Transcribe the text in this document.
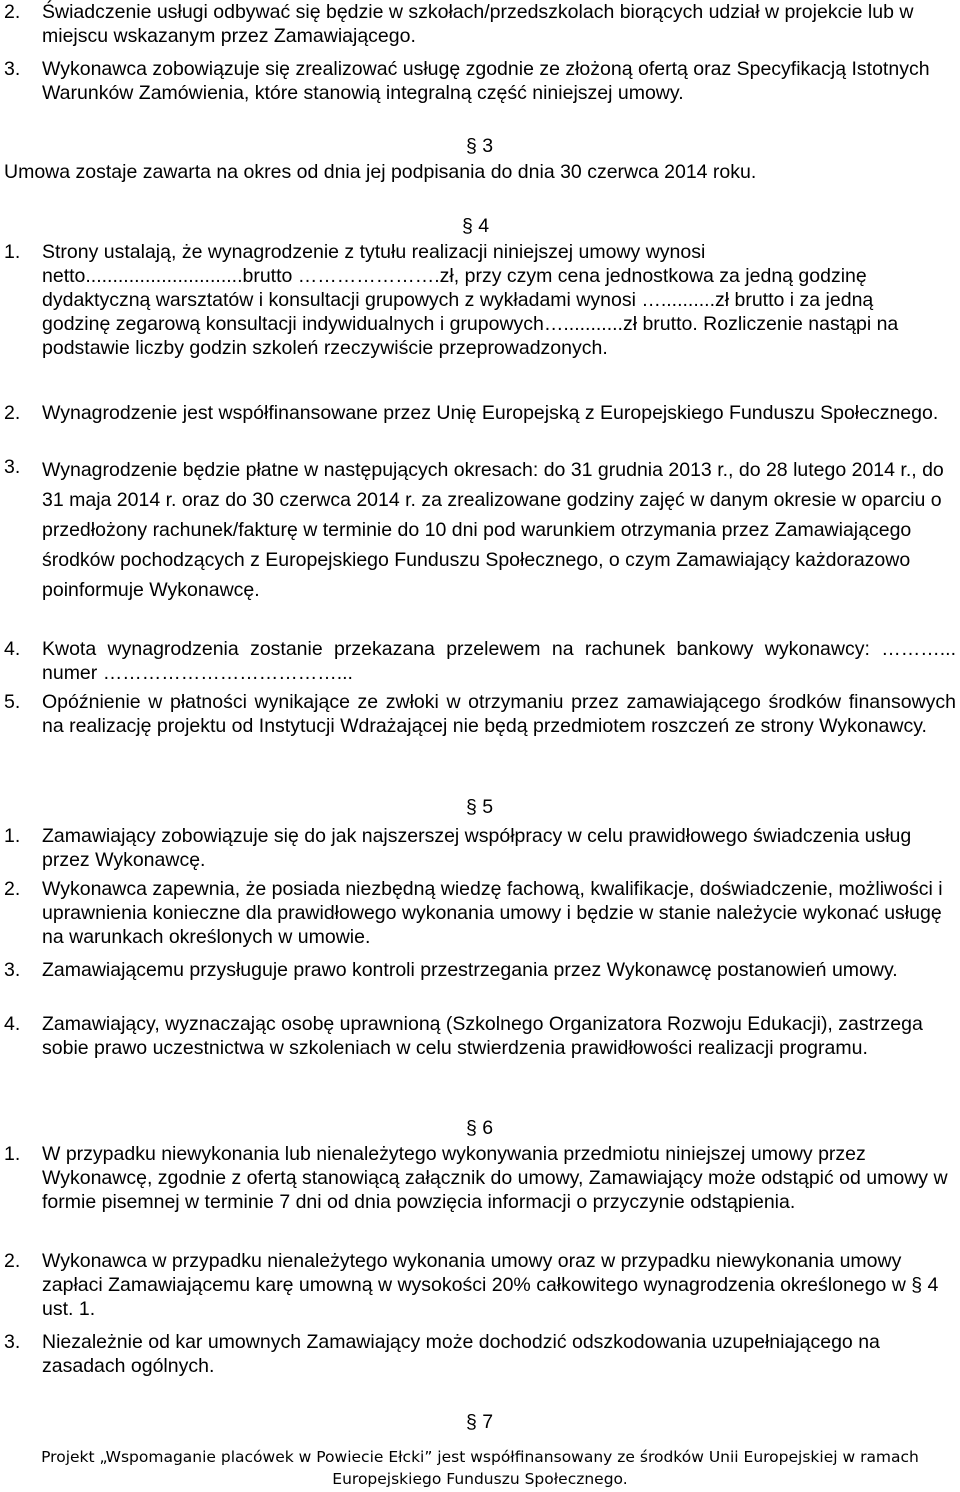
2. Świadczenie usługi odbywać się będzie w szkołach/przedszkolach biorących udział w projekcie lub w miejscu wskazanym przez Zamawiającego.
3. Wykonawca zobowiązuje się zrealizować usługę zgodnie ze złożoną ofertą oraz Specyfikacją Istotnych Warunków Zamówienia, które stanowią integralną część niniejszej umowy.
§ 3
Umowa zostaje zawarta na okres od dnia jej podpisania do dnia 30 czerwca 2014 roku.
§ 4
1. Strony ustalają, że wynagrodzenie z tytułu realizacji niniejszej umowy wynosi netto.............................brutto ………………….zł, przy czym cena jednostkowa za jedną godzinę dydaktyczną warsztatów i konsultacji grupowych z wykładami wynosi …..........zł brutto i za jedną godzinę zegarową konsultacji indywidualnych i grupowych…...........zł brutto. Rozliczenie nastąpi na podstawie liczby godzin szkoleń rzeczywiście przeprowadzonych.
2. Wynagrodzenie jest współfinansowane przez Unię Europejską z Europejskiego Funduszu Społecznego.
3. Wynagrodzenie będzie płatne w następujących okresach: do 31 grudnia 2013 r., do 28 lutego 2014 r., do 31 maja 2014 r. oraz do 30 czerwca 2014 r. za zrealizowane godziny zajęć w danym okresie w oparciu o przedłożony rachunek/fakturę w terminie do 10 dni pod warunkiem otrzymania przez Zamawiającego środków pochodzących z Europejskiego Funduszu Społecznego, o czym Zamawiający każdorazowo poinformuje Wykonawcę.
4. Kwota wynagrodzenia zostanie przekazana przelewem na rachunek bankowy wykonawcy: ………... numer ………………………………...
5. Opóźnienie w płatności wynikające ze zwłoki w otrzymaniu przez zamawiającego środków finansowych na realizację projektu od Instytucji Wdrażającej nie będą przedmiotem roszczeń ze strony Wykonawcy.
§ 5
1. Zamawiający zobowiązuje się do jak najszerszej współpracy w celu prawidłowego świadczenia usług przez Wykonawcę.
2. Wykonawca zapewnia, że posiada niezbędną wiedzę fachową, kwalifikacje, doświadczenie, możliwości i uprawnienia konieczne dla prawidłowego wykonania umowy i będzie w stanie należycie wykonać usługę na warunkach określonych w umowie.
3. Zamawiającemu przysługuje prawo kontroli przestrzegania przez Wykonawcę postanowień umowy.
4. Zamawiający, wyznaczając osobę uprawnioną (Szkolnego Organizatora Rozwoju Edukacji), zastrzega sobie prawo uczestnictwa w szkoleniach w celu stwierdzenia prawidłowości realizacji programu.
§ 6
1. W przypadku niewykonania lub nienależytego wykonywania przedmiotu niniejszej umowy przez Wykonawcę, zgodnie z ofertą stanowiącą załącznik do umowy, Zamawiający może odstąpić od umowy w formie pisemnej w terminie 7 dni od dnia powzięcia informacji o przyczynie odstąpienia.
2. Wykonawca w przypadku nienależytego wykonania umowy oraz w przypadku niewykonania umowy zapłaci Zamawiającemu karę umowną w wysokości 20% całkowitego wynagrodzenia określonego w § 4 ust. 1.
3. Niezależnie od kar umownych Zamawiający może dochodzić odszkodowania uzupełniającego na zasadach ogólnych.
§ 7
Projekt „Wspomaganie placówek w Powiecie Ełcki” jest współfinansowany ze środków Unii Europejskiej w ramach Europejskiego Funduszu Społecznego.
